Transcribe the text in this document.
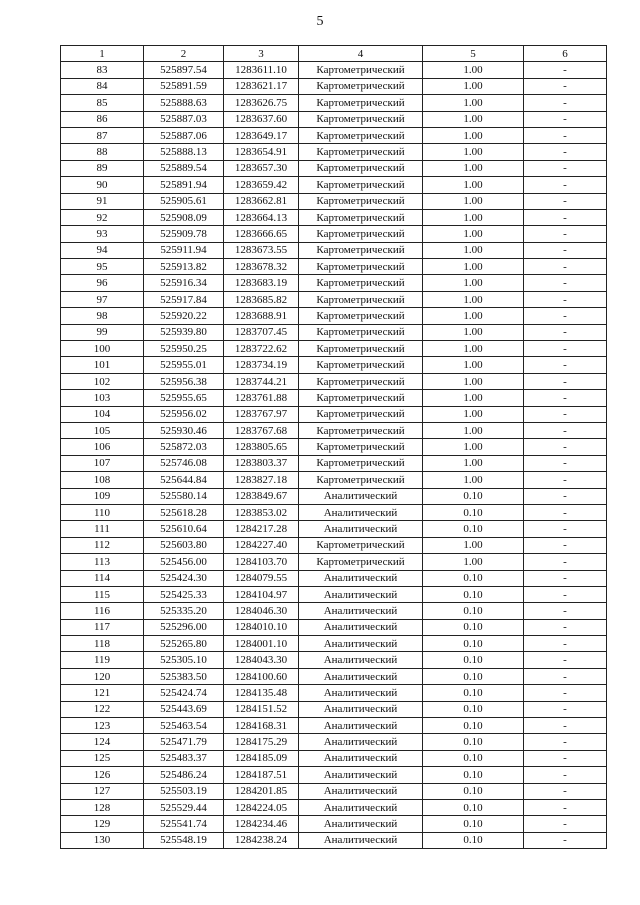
5
1	2	3	4	5	6
83	525897.54	1283611.10	Картометрический	1.00	-
84	525891.59	1283621.17	Картометрический	1.00	-
85	525888.63	1283626.75	Картометрический	1.00	-
86	525887.03	1283637.60	Картометрический	1.00	-
87	525887.06	1283649.17	Картометрический	1.00	-
88	525888.13	1283654.91	Картометрический	1.00	-
89	525889.54	1283657.30	Картометрический	1.00	-
90	525891.94	1283659.42	Картометрический	1.00	-
91	525905.61	1283662.81	Картометрический	1.00	-
92	525908.09	1283664.13	Картометрический	1.00	-
93	525909.78	1283666.65	Картометрический	1.00	-
94	525911.94	1283673.55	Картометрический	1.00	-
95	525913.82	1283678.32	Картометрический	1.00	-
96	525916.34	1283683.19	Картометрический	1.00	-
97	525917.84	1283685.82	Картометрический	1.00	-
98	525920.22	1283688.91	Картометрический	1.00	-
99	525939.80	1283707.45	Картометрический	1.00	-
100	525950.25	1283722.62	Картометрический	1.00	-
101	525955.01	1283734.19	Картометрический	1.00	-
102	525956.38	1283744.21	Картометрический	1.00	-
103	525955.65	1283761.88	Картометрический	1.00	-
104	525956.02	1283767.97	Картометрический	1.00	-
105	525930.46	1283767.68	Картометрический	1.00	-
106	525872.03	1283805.65	Картометрический	1.00	-
107	525746.08	1283803.37	Картометрический	1.00	-
108	525644.84	1283827.18	Картометрический	1.00	-
109	525580.14	1283849.67	Аналитический	0.10	-
110	525618.28	1283853.02	Аналитический	0.10	-
111	525610.64	1284217.28	Аналитический	0.10	-
112	525603.80	1284227.40	Картометрический	1.00	-
113	525456.00	1284103.70	Картометрический	1.00	-
114	525424.30	1284079.55	Аналитический	0.10	-
115	525425.33	1284104.97	Аналитический	0.10	-
116	525335.20	1284046.30	Аналитический	0.10	-
117	525296.00	1284010.10	Аналитический	0.10	-
118	525265.80	1284001.10	Аналитический	0.10	-
119	525305.10	1284043.30	Аналитический	0.10	-
120	525383.50	1284100.60	Аналитический	0.10	-
121	525424.74	1284135.48	Аналитический	0.10	-
122	525443.69	1284151.52	Аналитический	0.10	-
123	525463.54	1284168.31	Аналитический	0.10	-
124	525471.79	1284175.29	Аналитический	0.10	-
125	525483.37	1284185.09	Аналитический	0.10	-
126	525486.24	1284187.51	Аналитический	0.10	-
127	525503.19	1284201.85	Аналитический	0.10	-
128	525529.44	1284224.05	Аналитический	0.10	-
129	525541.74	1284234.46	Аналитический	0.10	-
130	525548.19	1284238.24	Аналитический	0.10	-
